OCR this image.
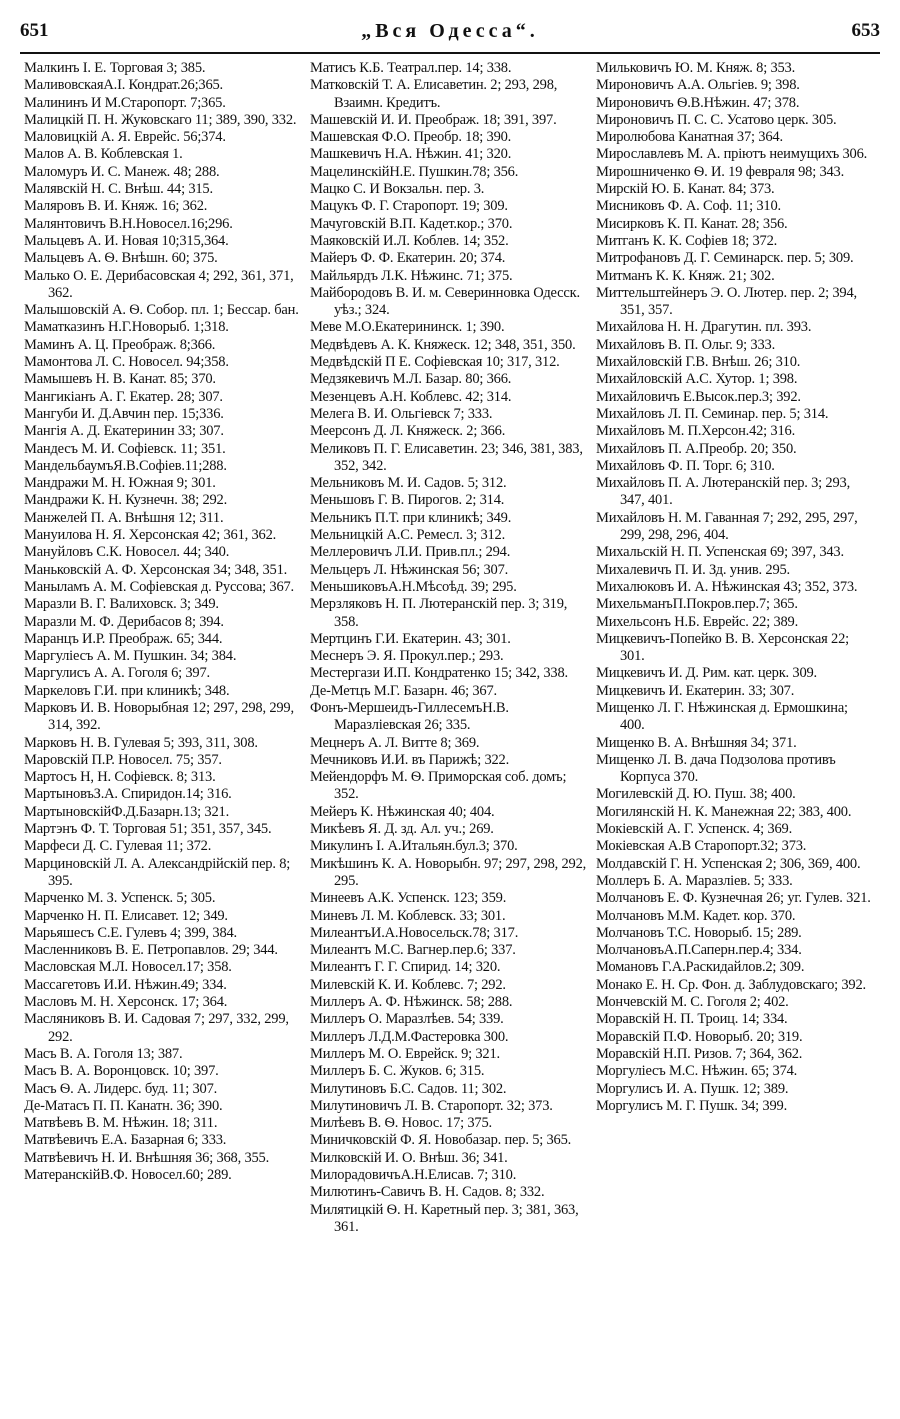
651	„Вся Одесса“.	653

Малкинъ I. Е. Торговая 3; 385.

МаливовскаяА.I. Кондрат.26;365.

Малининъ И М.Старопорт. 7;365.

Малицкій П. Н. Жуковскаго 11; 389, 390, 332.

Маловицкій А. Я. Еврейс. 56;374.

Малов А. В. Коблевская 1.

Маломуръ И. С. Манеж. 48; 288.

Малявскій Н. С. Внѣш. 44; 315.

Маляровъ В. И. Княж. 16; 362.

Малянтовичъ В.Н.Новосел.16;296.

Мальцевъ А. И. Новая 10;315,364.

Мальцевъ А. Ѳ. Внѣшн. 60; 375.

Малько О. Е. Дерибасовская 4; 292, 361, 371, 362.

Малышовскій А. Ѳ. Собор. пл. 1; Бессар. бан.

Маматказинъ Н.Г.Новорыб. 1;318.

Маминъ А. Ц. Преображ. 8;366.

Мамонтова Л. С. Новосел. 94;358.

Мамышевъ Н. В. Канат. 85; 370.

Мангикіанъ А. Г. Екатер. 28; 307.

Мангуби И. Д.Авчин пер. 15;336.

Мангія А. Д. Екатеринин 33; 307.

Мандесъ М. И. Софіевск. 11; 351.

МандельбаумъЯ.В.Софіев.11;288.

Мандражи М. Н. Южная 9; 301.

Мандражи К. Н. Кузнечн. 38; 292.

Манжелей П. А. Внѣшня 12; 311.

Мануилова Н. Я. Херсонская 42; 361, 362.

Мануйловъ С.К. Новосел. 44; 340.

Маньковскій А. Ф. Херсонская 34; 348, 351.

Маныламъ А. М. Софіевская д. Руссова; 367.

Маразли В. Г. Валиховск. 3; 349.

Маразли М. Ф. Дерибасов 8; 394.

Маранцъ И.Р. Преображ. 65; 344.

Маргуліесъ А. М. Пушкин. 34; 384.

Маргулисъ А. А. Гоголя 6; 397.

Маркеловъ Г.И. при клиникѣ; 348.

Марковъ И. В. Новорыбная 12; 297, 298, 299, 314, 392.

Марковъ Н. В. Гулевая 5; 393, 311, 308.

Маровскій П.Р. Новосел. 75; 357.

Мартосъ Н, Н. Софіевск. 8; 313.

МартыновъЗ.А. Спиридон.14; 316.

МартыновскійФ.Д.Базарн.13; 321.

Мартэнъ Ф. Т. Торговая 51; 351, 357, 345.

Марфеси Д. С. Гулевая 11; 372.

Марциновскій Л. А. Александрійскій пер. 8; 395.

Марченко М. З. Успенск. 5; 305.

Марченко Н. П. Елисавет. 12; 349.

Марьяшесъ С.Е. Гулевъ 4; 399, 384.

Масленниковъ В. Е. Петропавлов. 29; 344.

Масловская М.Л. Новосел.17; 358.

Массагетовъ И.И. Нѣжин.49; 334.

Масловъ М. Н. Херсонск. 17; 364.

Масляниковъ В. И. Садовая 7; 297, 332, 299, 292.

Масъ В. А. Гоголя 13; 387.

Масъ В. А. Воронцовск. 10; 397.

Масъ Ѳ. А. Лидерс. буд. 11; 307.

Де-Матасъ П. П. Канатн. 36; 390.

Матвѣевъ В. М. Нѣжин. 18; 311.

Матвѣевичъ Е.А. Базарная 6; 333.

Матвѣевичъ Н. И. Внѣшняя 36; 368, 355.

МатеранскійВ.Ф. Новосел.60; 289.

Матисъ К.Б. Театрал.пер. 14; 338.

Матковскій Т. А. Елисаветин. 2; 293, 298, Взаимн. Кредитъ.

Машевскій И. И. Преображ. 18; 391, 397.

Машевская Ф.О. Преобр. 18; 390.

Машкевичъ Н.А. Нѣжин. 41; 320.

МацелинскійН.Е. Пушкин.78; 356.

Мацко С. И Вокзальн. пер. 3.

Мацукъ Ф. Г. Старопорт. 19; 309.

Мачуговскій В.П. Кадет.кор.; 370.

Маяковскій И.Л. Коблев. 14; 352.

Майеръ Ф. Ф. Екатерин. 20; 374.

Майльярдъ Л.К. Нѣжинс. 71; 375.

Майбородовъ В. И. м. Северинновка Одесск. уѣз.; 324.

Меве М.О.Екатерининск. 1; 390.

Медвѣдевъ А. К. Княжеск. 12; 348, 351, 350.

Медвѣдскій П Е. Софіевская 10; 317, 312.

Медзякевичъ М.Л. Базар. 80; 366.

Мезенцевъ А.Н. Коблевс. 42; 314.

Мелега В. И. Ольгіевск 7; 333.

Меерсонъ Д. Л. Княжеск. 2; 366.

Меликовъ П. Г. Елисаветин. 23; 346, 381, 383, 352, 342.

Мельниковъ М. И. Садов. 5; 312.

Меньшовъ Г. В. Пирогов. 2; 314.

Мельникъ П.Т. при клиникѣ; 349.

Мельницкій А.С. Ремесл. 3; 312.

Меллеровичъ Л.И. Прив.пл.; 294.

Мельцеръ Л. Нѣжинская 56; 307.

МеньшиковъА.Н.Мѣсоѣд. 39; 295.

Мерзляковъ Н. П. Лютеранскій пер. 3; 319, 358.

Мертцинъ Г.И. Екатерин. 43; 301.

Меснеръ Э. Я. Прокул.пер.; 293.

Местергази И.П. Кондратенко 15; 342, 338.

Де-Метцъ М.Г. Базарн. 46; 367.

Фонъ-Мершеидъ-ГиллесемъН.В. Маразліевская 26; 335.

Мецнеръ А. Л. Витте 8; 369.

Мечниковъ И.И. въ Парижѣ; 322.

Мейендорфъ М. Ѳ. Приморская соб. домъ; 352.

Мейеръ К. Нѣжинская 40; 404.

Микѣевъ Я. Д. зд. Ал. уч.; 269.

Микулинъ І. А.Итальян.бул.3; 370.

Микѣшинъ К. А. Новорыбн. 97; 297, 298, 292, 295.

Минеевъ А.К. Успенск. 123; 359.

Миневъ Л. М. Коблевск. 33; 301.

МилеантъИ.А.Новосельск.78; 317.

Милеантъ М.С. Вагнер.пер.6; 337.

Милеантъ Г. Г. Спирид. 14; 320.

Милевскій К. И. Коблевс. 7; 292.

Миллеръ А. Ф. Нѣжинск. 58; 288.

Миллеръ О. Маразлѣев. 54; 339.

Миллеръ Л.Д.М.Фастеровка 300.

Миллеръ М. О. Еврейск. 9; 321.

Миллеръ Б. С. Жуков. 6; 315.

Милутиновъ Б.С. Садов. 11; 302.

Милутиновичъ Л. В. Старопорт. 32; 373.

Милѣевъ В. Ѳ. Новос. 17; 375.

Миничковскій Ф. Я. Новобазар. пер. 5; 365.

Милковскій И. О. Внѣш. 36; 341.

МилорадовичъА.Н.Елисав. 7; 310.

Милютинъ-Савичъ В. Н. Садов. 8; 332.

Милятицкій Ѳ. Н. Каретный пер. 3; 381, 363, 361.

Мильковичъ Ю. М. Княж. 8; 353.

Мироновичъ А.А. Ольгіев. 9; 398.

Мироновичъ Ѳ.В.Нѣжин. 47; 378.

Мироновичъ П. С. С. Усатово церк. 305.

Миролюбова Канатная 37; 364.

Мирославлевъ М. А. пріютъ неимущихъ 306.

Мирошниченко Ѳ. И. 19 февраля 98; 343.

Мирскій Ю. Б. Канат. 84; 373.

Мисниковъ Ф. А. Соф. 11; 310.

Мисирковъ К. П. Канат. 28; 356.

Митганъ К. К. Софіев 18; 372.

Митрофановъ Д. Г. Семинарск. пер. 5; 309.

Митманъ К. К. Княж. 21; 302.

Миттельштейнеръ Э. О. Лютер. пер. 2; 394, 351, 357.

Михайлова Н. Н. Драгутин. пл. 393.

Михайловъ В. П. Ольг. 9; 333.

Михайловскій Г.В. Внѣш. 26; 310.

Михайловскій А.С. Хутор. 1; 398.

Михайловичъ Е.Высок.пер.3; 392.

Михайловъ Л. П. Семинар. пер. 5; 314.

Михайловъ М. П.Херсон.42; 316.

Михайловъ П. А.Преобр. 20; 350.

Михайловъ Ф. П. Торг. 6; 310.

Михайловъ П. А. Лютеранскій пер. 3; 293, 347, 401.

Михайловъ Н. М. Гаванная 7; 292, 295, 297, 299, 298, 296, 404.

Михальскій Н. П. Успенская 69; 397, 343.

Михалевичъ П. И. Зд. унив. 295.

Михалюковъ И. А. Нѣжинская 43; 352, 373.

МихельманъП.Покров.пер.7; 365.

Михельсонъ Н.Б. Еврейс. 22; 389.

Мицкевичъ-Попейко В. В. Херсонская 22; 301.

Мицкевичъ И. Д. Рим. кат. церк. 309.

Мицкевичъ И. Екатерин. 33; 307.

Мищенко Л. Г. Нѣжинская д. Ермошкина; 400.

Мищенко В. А. Внѣшняя 34; 371.

Мищенко Л. В. дача Подзолова противъ Корпуса 370.

Могилевскій Д. Ю. Пуш. 38; 400.

Могилянскій Н. К. Манежная 22; 383, 400.

Мокіевскій А. Г. Успенск. 4; 369.

Мокіевская А.В Старопорт.32; 373.

Молдавскій Г. Н. Успенская 2; 306, 369, 400.

Моллеръ Б. А. Маразліев. 5; 333.

Молчановъ Е. Ф. Кузнечная 26; уг. Гулев. 321.

Молчановъ М.М. Кадет. кор. 370.

Молчановъ Т.С. Новорыб. 15; 289.

МолчановъА.П.Саперн.пер.4; 334.

Момановъ Г.А.Раскидайлов.2; 309.

Монако Е. Н. Ср. Фон. д. Заблудовскаго; 392.

Мончевскій М. С. Гоголя 2; 402.

Моравскій Н. П. Троиц. 14; 334.

Моравскій П.Ф. Новорыб. 20; 319.

Моравскій Н.П. Ризов. 7; 364, 362.

Моргуліесъ М.С. Нѣжин. 65; 374.

Моргулисъ И. А. Пушк. 12; 389.

Моргулисъ М. Г. Пушк. 34; 399.
